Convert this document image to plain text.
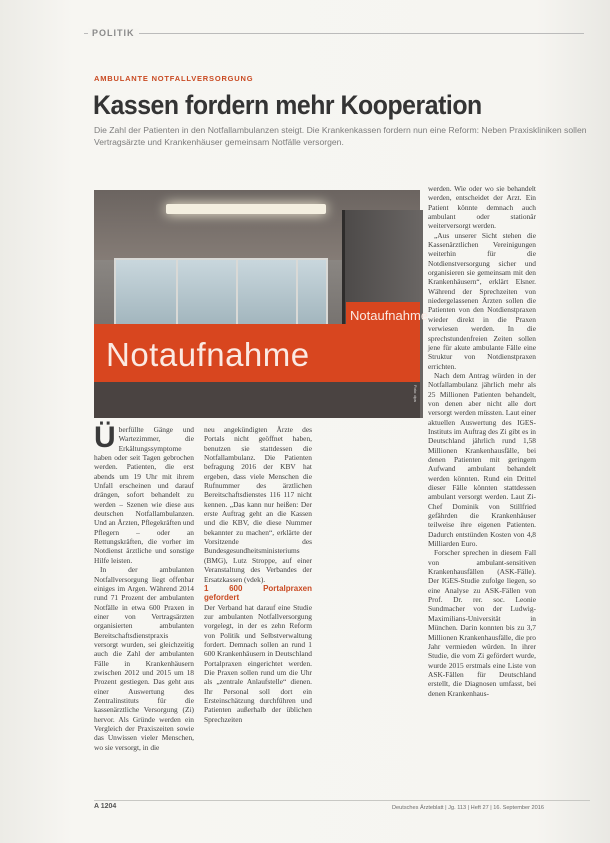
POLITIK
AMBULANTE NOTFALLVERSORGUNG
Kassen fordern mehr Kooperation
Die Zahl der Patienten in den Notfallambulanzen steigt. Die Krankenkassen fordern nun eine Reform: Neben Praxiskliniken sollen Vertragsärzte und Krankenhäuser gemeinsam Notfälle versorgen.
Notaufnahme
Notaufnahme
Foto: dpa

Überfüllte Gänge und Wartezimmer, die Erkältungssymptome haben oder seit Tagen gebrochen werden. Patienten, die erst abends um 19 Uhr mit ihrem Unfall erscheinen und darauf drängen, sofort behandelt zu werden – Szenen wie diese aus deutschen Notfallambulanzen. Und an Ärzten, Pflegekräften und Pflegern – oder an Rettungskräften, die vorher im Notdienst ärztliche und sonstige Hilfe leisten.

In der ambulanten Notfallversorgung liegt offenbar einiges im Argen. Während 2014 rund 71 Prozent der ambulanten Notfälle in etwa 600 Praxen in einer von Vertragsärzten organisierten ambulanten Bereitschaftsdienstpraxis versorgt wurden, sei gleichzeitig auch die Zahl der ambulanten Fälle in Krankenhäusern zwischen 2012 und 2015 um 18 Prozent gestiegen. Das geht aus einer Auswertung des Zentralinstituts für die kassenärztliche Versorgung (Zi) hervor. Als Gründe werden ein Vergleich der Praxiszeiten sowie das Unwissen vieler Menschen, wo sie versorgt, in die

neu angekündigten Ärzte des Portals nicht geöffnet haben, benutzen sie stattdessen die Notfallambulanz. Die Patienten befragung 2016 der KBV hat ergeben, dass viele Menschen die Rufnummer des ärztlichen Bereitschaftsdienstes 116 117 nicht kennen. „Das kann nur heißen: Der erste Auftrag geht an die Kassen und die KBV, die diese Nummer bekannter zu machen“, erklärte der Vorsitzende des Bundesgesundheitsministeriums (BMG), Lutz Stroppe, auf einer Veranstaltung des Verbandes der Ersatzkassen (vdek).

1 600 Portalpraxen gefordert

Der Verband hat darauf eine Studie zur ambulanten Notfallversorgung vorgelegt, in der es zehn Reform von Politik und Selbstverwaltung fordert. Demnach sollen an rund 1 600 Krankenhäusern in Deutschland Portalpraxen eingerichtet werden. Die Praxen sollen rund um die Uhr als „zentrale Anlaufstelle“ dienen. Ihr Personal soll dort ein Ersteinschätzung durchführen und Patienten außerhalb der üblichen Sprechzeiten

werden. Wie oder wo sie behandelt werden, entscheidet der Arzt. Ein Patient könnte demnach auch ambulant oder stationär weiterversorgt werden.

„Aus unserer Sicht stehen die Kassenärztlichen Vereinigungen weiterhin für die Notdienstversorgung sicher und organisieren sie gemeinsam mit den Krankenhäusern“, erklärt Elsner. Während der Sprechzeiten von niedergelassenen Ärzten sollen die Patienten von den Notdienstpraxen wieder direkt in die Praxen verwiesen werden. In die sprechstundenfreien Zeiten sollen jene für akute ambulante Fälle eine Struktur von Notdienstpraxen errichten.

Nach dem Antrag würden in der Notfallambulanz jährlich mehr als 25 Millionen Patienten behandelt, von denen aber nicht alle dort versorgt werden müssten. Laut einer aktuellen Auswertung des IGES-Instituts im Auftrag des Zi gibt es in Deutschland jährlich rund 1,58 Millionen Krankenhausfälle, bei denen Patienten mit geringem Aufwand ambulant behandelt werden könnten. Rund ein Drittel dieser Fälle könnten stattdessen ambulant versorgt werden. Laut Zi-Chef Dominik von Stillfried gefährden die Krankenhäuser teilweise ihre eigenen Patienten. Dadurch entstünden Kosten von 4,8 Milliarden Euro.

Forscher sprechen in diesem Fall von ambulant-sensitiven Krankenhausfällen (ASK-Fälle). Der IGES-Studie zufolge liegen, so eine Analyse zu ASK-Fällen von Prof. Dr. rer. soc. Leonie Sundmacher von der Ludwig-Maximilians-Universität in München. Darin konnten bis zu 3,7 Millionen Krankenhausfälle, die pro Jahr vermieden würden. In ihrer Studie, die vom Zi gefördert wurde, wurde 2015 erstmals eine Liste von ASK-Fällen für Deutschland erstellt, die Diagnosen umfasst, bei denen Krankenhaus-

A 1204	Deutsches Ärzteblatt | Jg. 113 | Heft 27 | 16. September 2016
